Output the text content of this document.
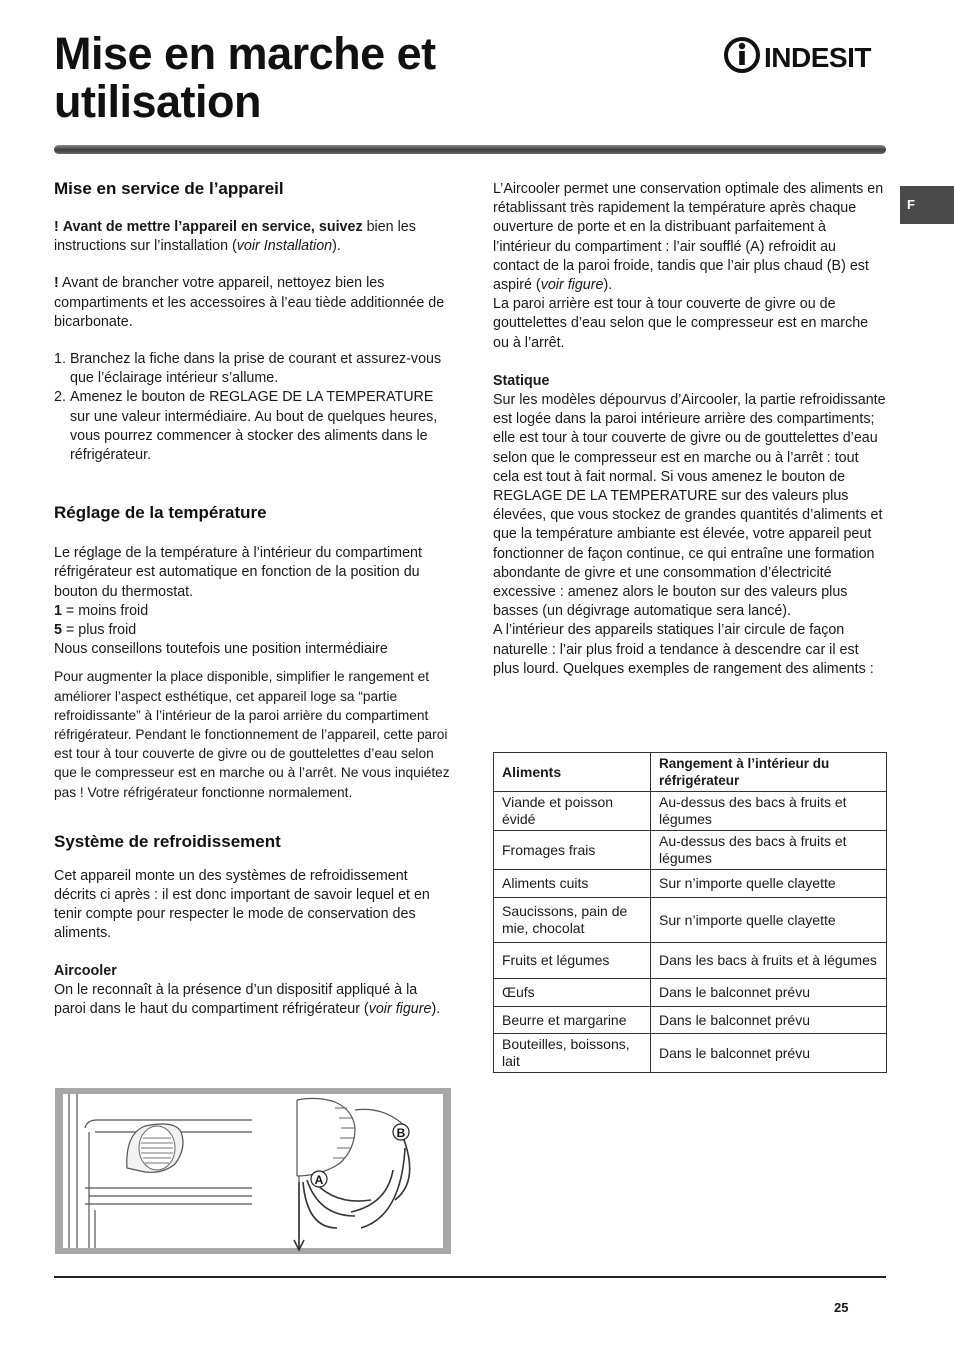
Mise en marche et utilisation
INDESIT
F
Mise en service de l’appareil

! Avant de mettre l’appareil en service, suivez bien les instructions sur l’installation (voir Installation).

! Avant de brancher votre appareil, nettoyez bien les compartiments et les accessoires à l’eau tiède additionnée de bicarbonate.

1. Branchez la fiche dans la prise de courant et assurez-vous que l’éclairage intérieur s’allume.
2. Amenez le bouton de REGLAGE DE LA TEMPERATURE sur une valeur intermédiaire. Au bout de quelques heures, vous pourrez commencer à stocker des aliments dans le réfrigérateur.
Réglage de la température

Le réglage de la température à l’intérieur du compartiment réfrigérateur est automatique en fonction de la position du bouton du thermostat.

1 = moins froid

5 = plus froid

Nous conseillons toutefois une position intermédiaire

Pour augmenter la place disponible, simplifier le rangement et améliorer l’aspect esthétique, cet appareil loge sa “partie refroidissante” à l’intérieur de la paroi arrière du compartiment réfrigérateur. Pendant le fonctionnement de l’appareil, cette paroi est tour à tour couverte de givre ou de gouttelettes d’eau selon que le compresseur est en marche ou à l’arrêt. Ne vous inquiétez pas ! Votre réfrigérateur fonctionne normalement.

Système de refroidissement

Cet appareil monte un des systèmes de refroidissement décrits ci après : il est donc important de savoir lequel et en tenir compte pour respecter le mode de conservation des aliments.

Aircooler

On le reconnaît à la présence d’un dispositif appliqué à la paroi dans le haut du compartiment réfrigérateur (voir figure).

A
B

L’Aircooler permet une conservation optimale des aliments en rétablissant très rapidement la température après chaque ouverture de porte et en la distribuant parfaitement à l’intérieur du compartiment : l’air soufflé (A) refroidit au contact de la paroi froide, tandis que l’air plus chaud (B) est aspiré (voir figure).

La paroi arrière est tour à tour couverte de givre ou de gouttelettes d’eau selon que le compresseur est en marche ou à l’arrêt.

Statique

Sur les modèles dépourvus d’Aircooler, la partie refroidissante est logée dans la paroi intérieure arrière des compartiments; elle est tour à tour couverte de givre ou de gouttelettes d’eau selon que le compresseur est en marche ou à l’arrêt : tout cela est tout à fait normal. Si vous amenez le bouton de REGLAGE DE LA TEMPERATURE sur des valeurs plus élevées, que vous stockez de grandes quantités d’aliments et que la température ambiante est élevée, votre appareil peut fonctionner de façon continue, ce qui entraîne une formation abondante de givre et une consommation d’électricité excessive : amenez alors le bouton sur des valeurs plus basses (un dégivrage automatique sera lancé).

A l’intérieur des appareils statiques l’air circule de façon naturelle : l’air plus froid a tendance à descendre car il est plus lourd. Quelques exemples de rangement des aliments :

Aliments	Rangement à l’intérieur du réfrigérateur
Viande et poisson évidé	Au-dessus des bacs à fruits et légumes
Fromages frais	Au-dessus des bacs à fruits et légumes
Aliments cuits	Sur n’importe quelle clayette
Saucissons, pain de mie, chocolat	Sur n’importe quelle clayette
Fruits et légumes	Dans les bacs à fruits et à légumes
Œufs	Dans le balconnet prévu
Beurre et margarine	Dans le balconnet prévu
Bouteilles, boissons, lait	Dans le balconnet prévu
25
